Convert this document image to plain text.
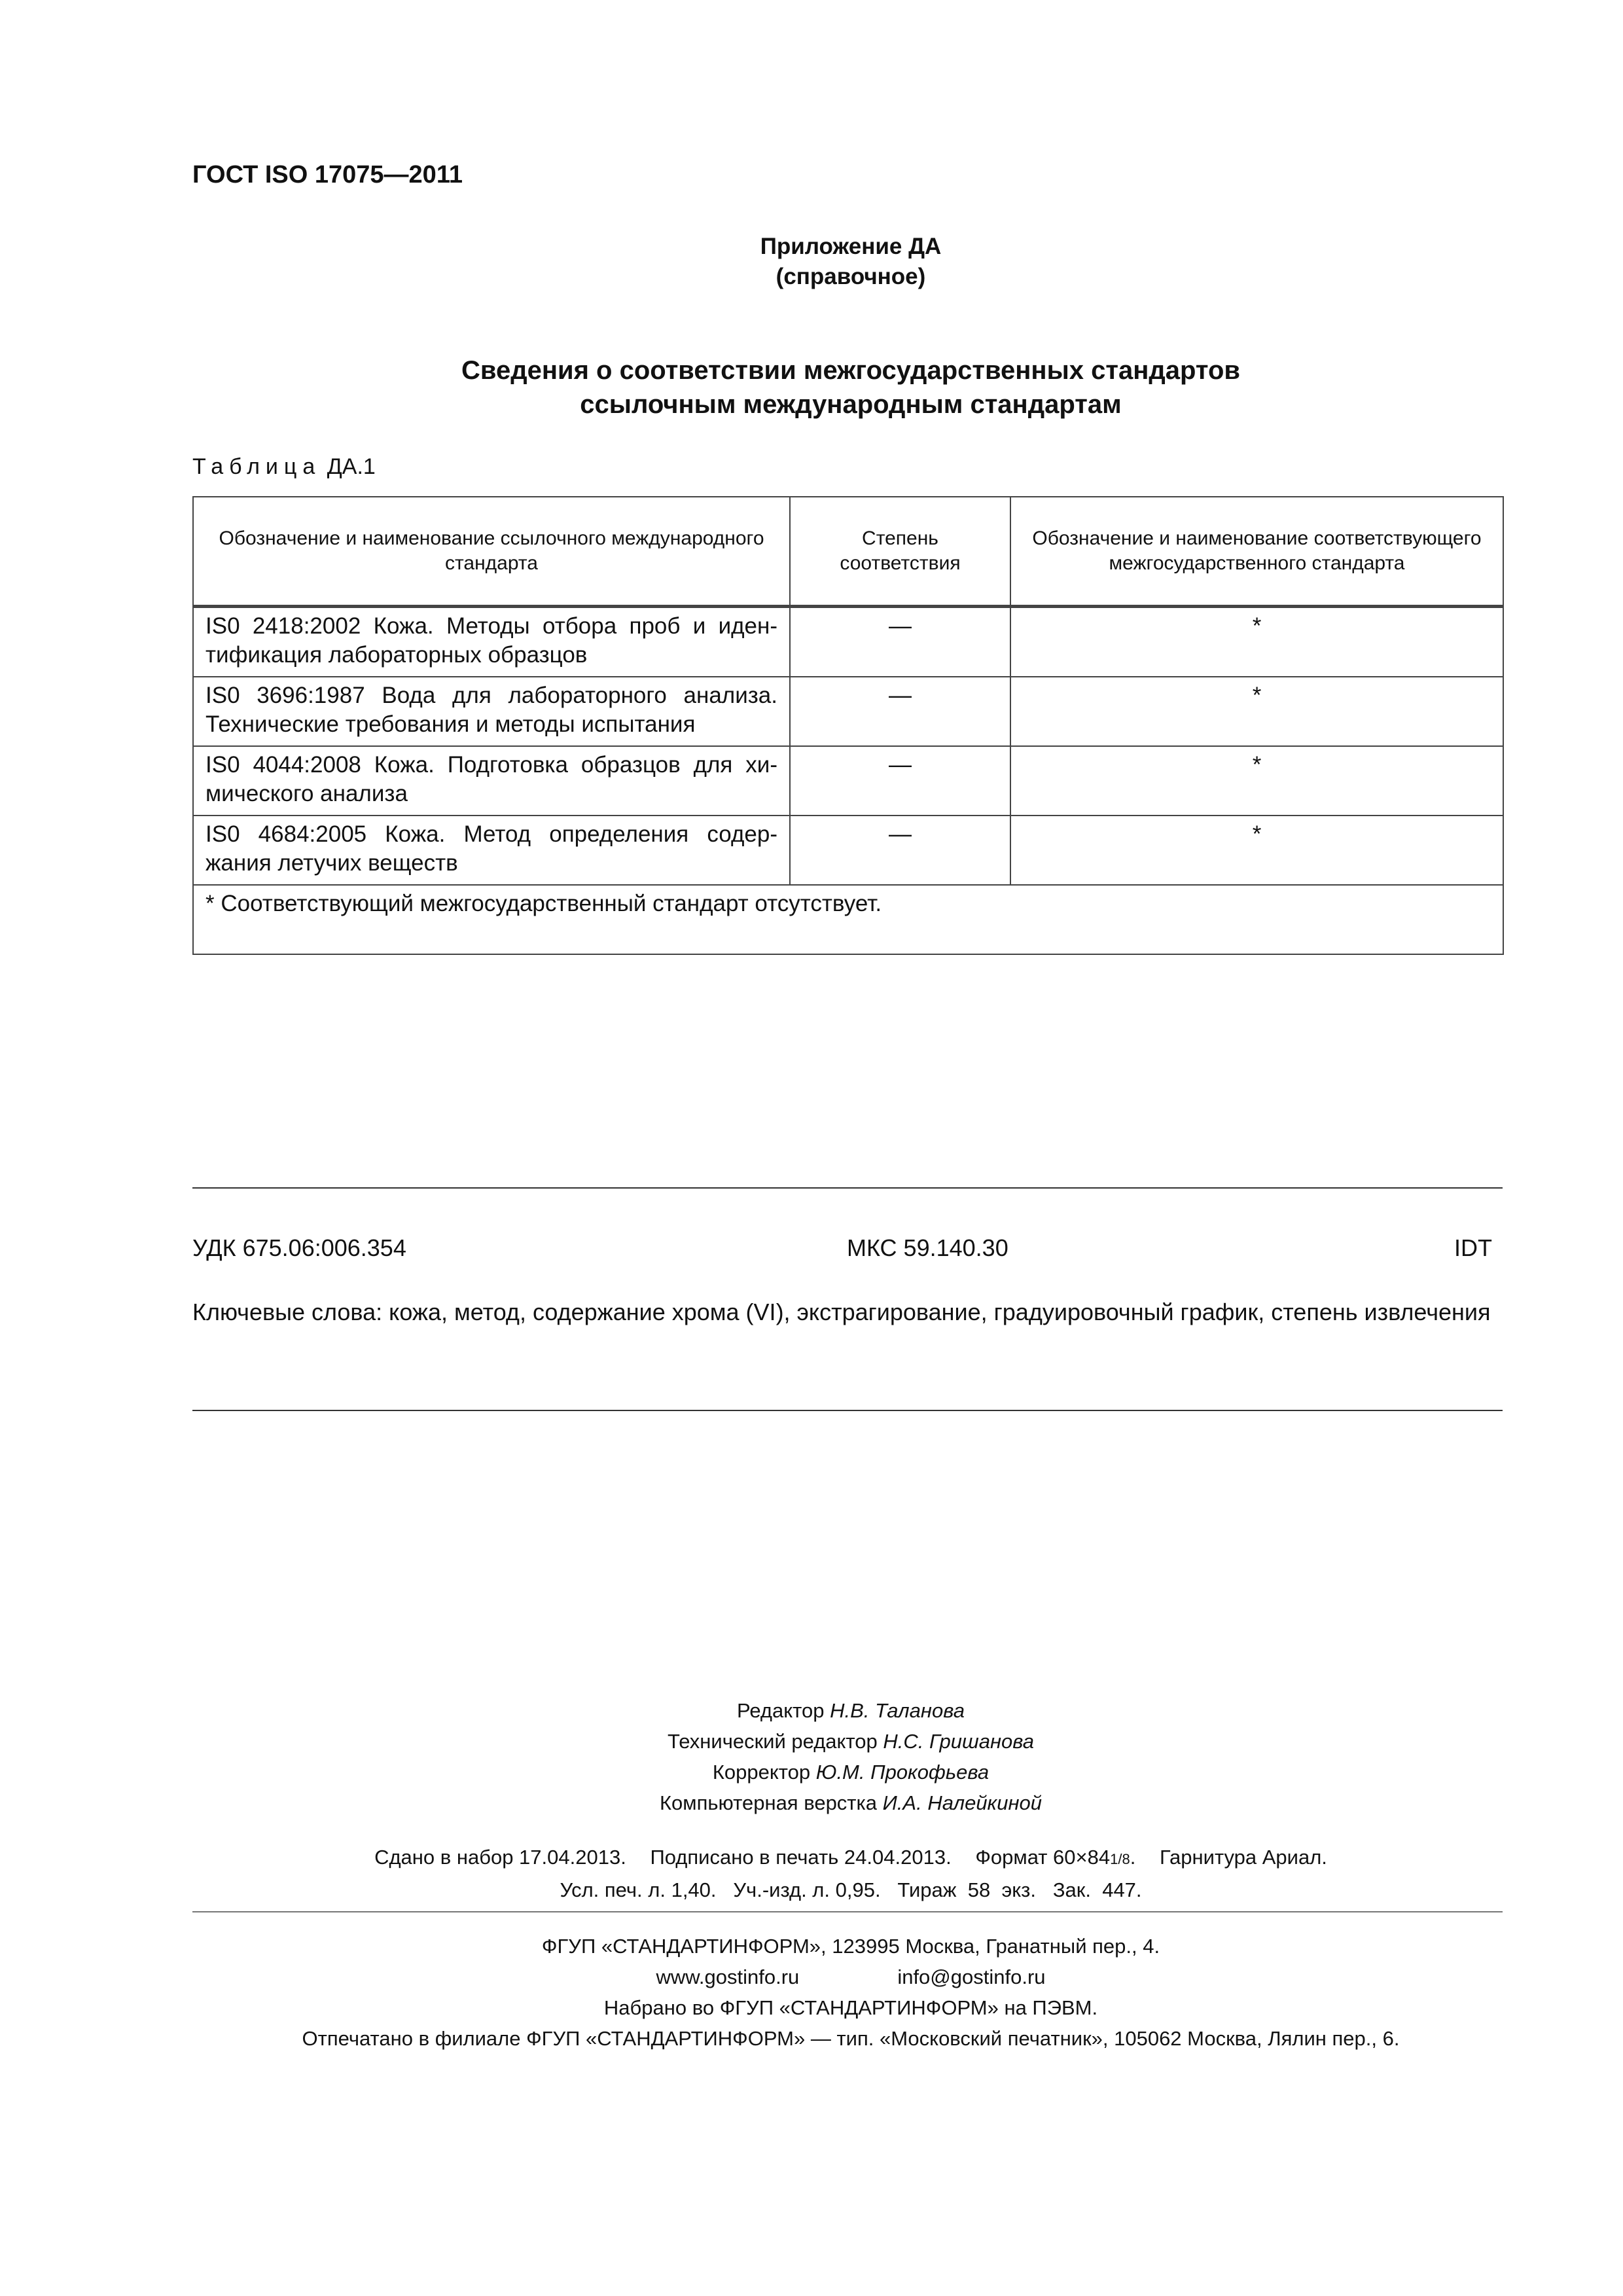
ГОСТ ISO 17075—2011
Приложение ДА
(справочное)
Сведения о соответствии межгосударственных стандартов
ссылочным международным стандартам
Таблица ДА.1
Обозначение и наименование ссылочного международного стандарта	Степень соответствия	Обозначение и наименование соответствующего межгосударственного стандарта
IS0 2418:2002 Кожа. Методы отбора проб и иден-тификация лабораторных образцов	—	*
IS0 3696:1987 Вода для лабораторного анализа. Технические требования и методы испытания	—	*
IS0 4044:2008 Кожа. Подготовка образцов для хи-мического анализа	—	*
IS0 4684:2005 Кожа. Метод определения содер-жания летучих веществ	—	*
* Соответствующий межгосударственный стандарт отсутствует.		
УДК 675.06:006.354	МКС 59.140.30	IDT
Ключевые слова: кожа, метод, содержание хрома (VI), экстрагирование, градуировочный график, степень извлечения
Редактор Н.В. Таланова
Технический редактор Н.С. Гришанова
Корректор Ю.М. Прокофьева
Компьютерная верстка И.А. Налейкиной
Сдано в набор 17.04.2013. Подписано в печать 24.04.2013. Формат 60×841/8. Гарнитура Ариал.
Усл. печ. л. 1,40.   Уч.-изд. л. 0,95.   Тираж  58  экз.   Зак.  447.
ФГУП «СТАНДАРТИНФОРМ», 123995 Москва, Гранатный пер., 4.
www.gostinfo.ru	info@gostinfo.ru
Набрано во ФГУП «СТАНДАРТИНФОРМ» на ПЭВМ.
Отпечатано в филиале ФГУП «СТАНДАРТИНФОРМ» — тип. «Московский печатник», 105062 Москва, Лялин пер., 6.
